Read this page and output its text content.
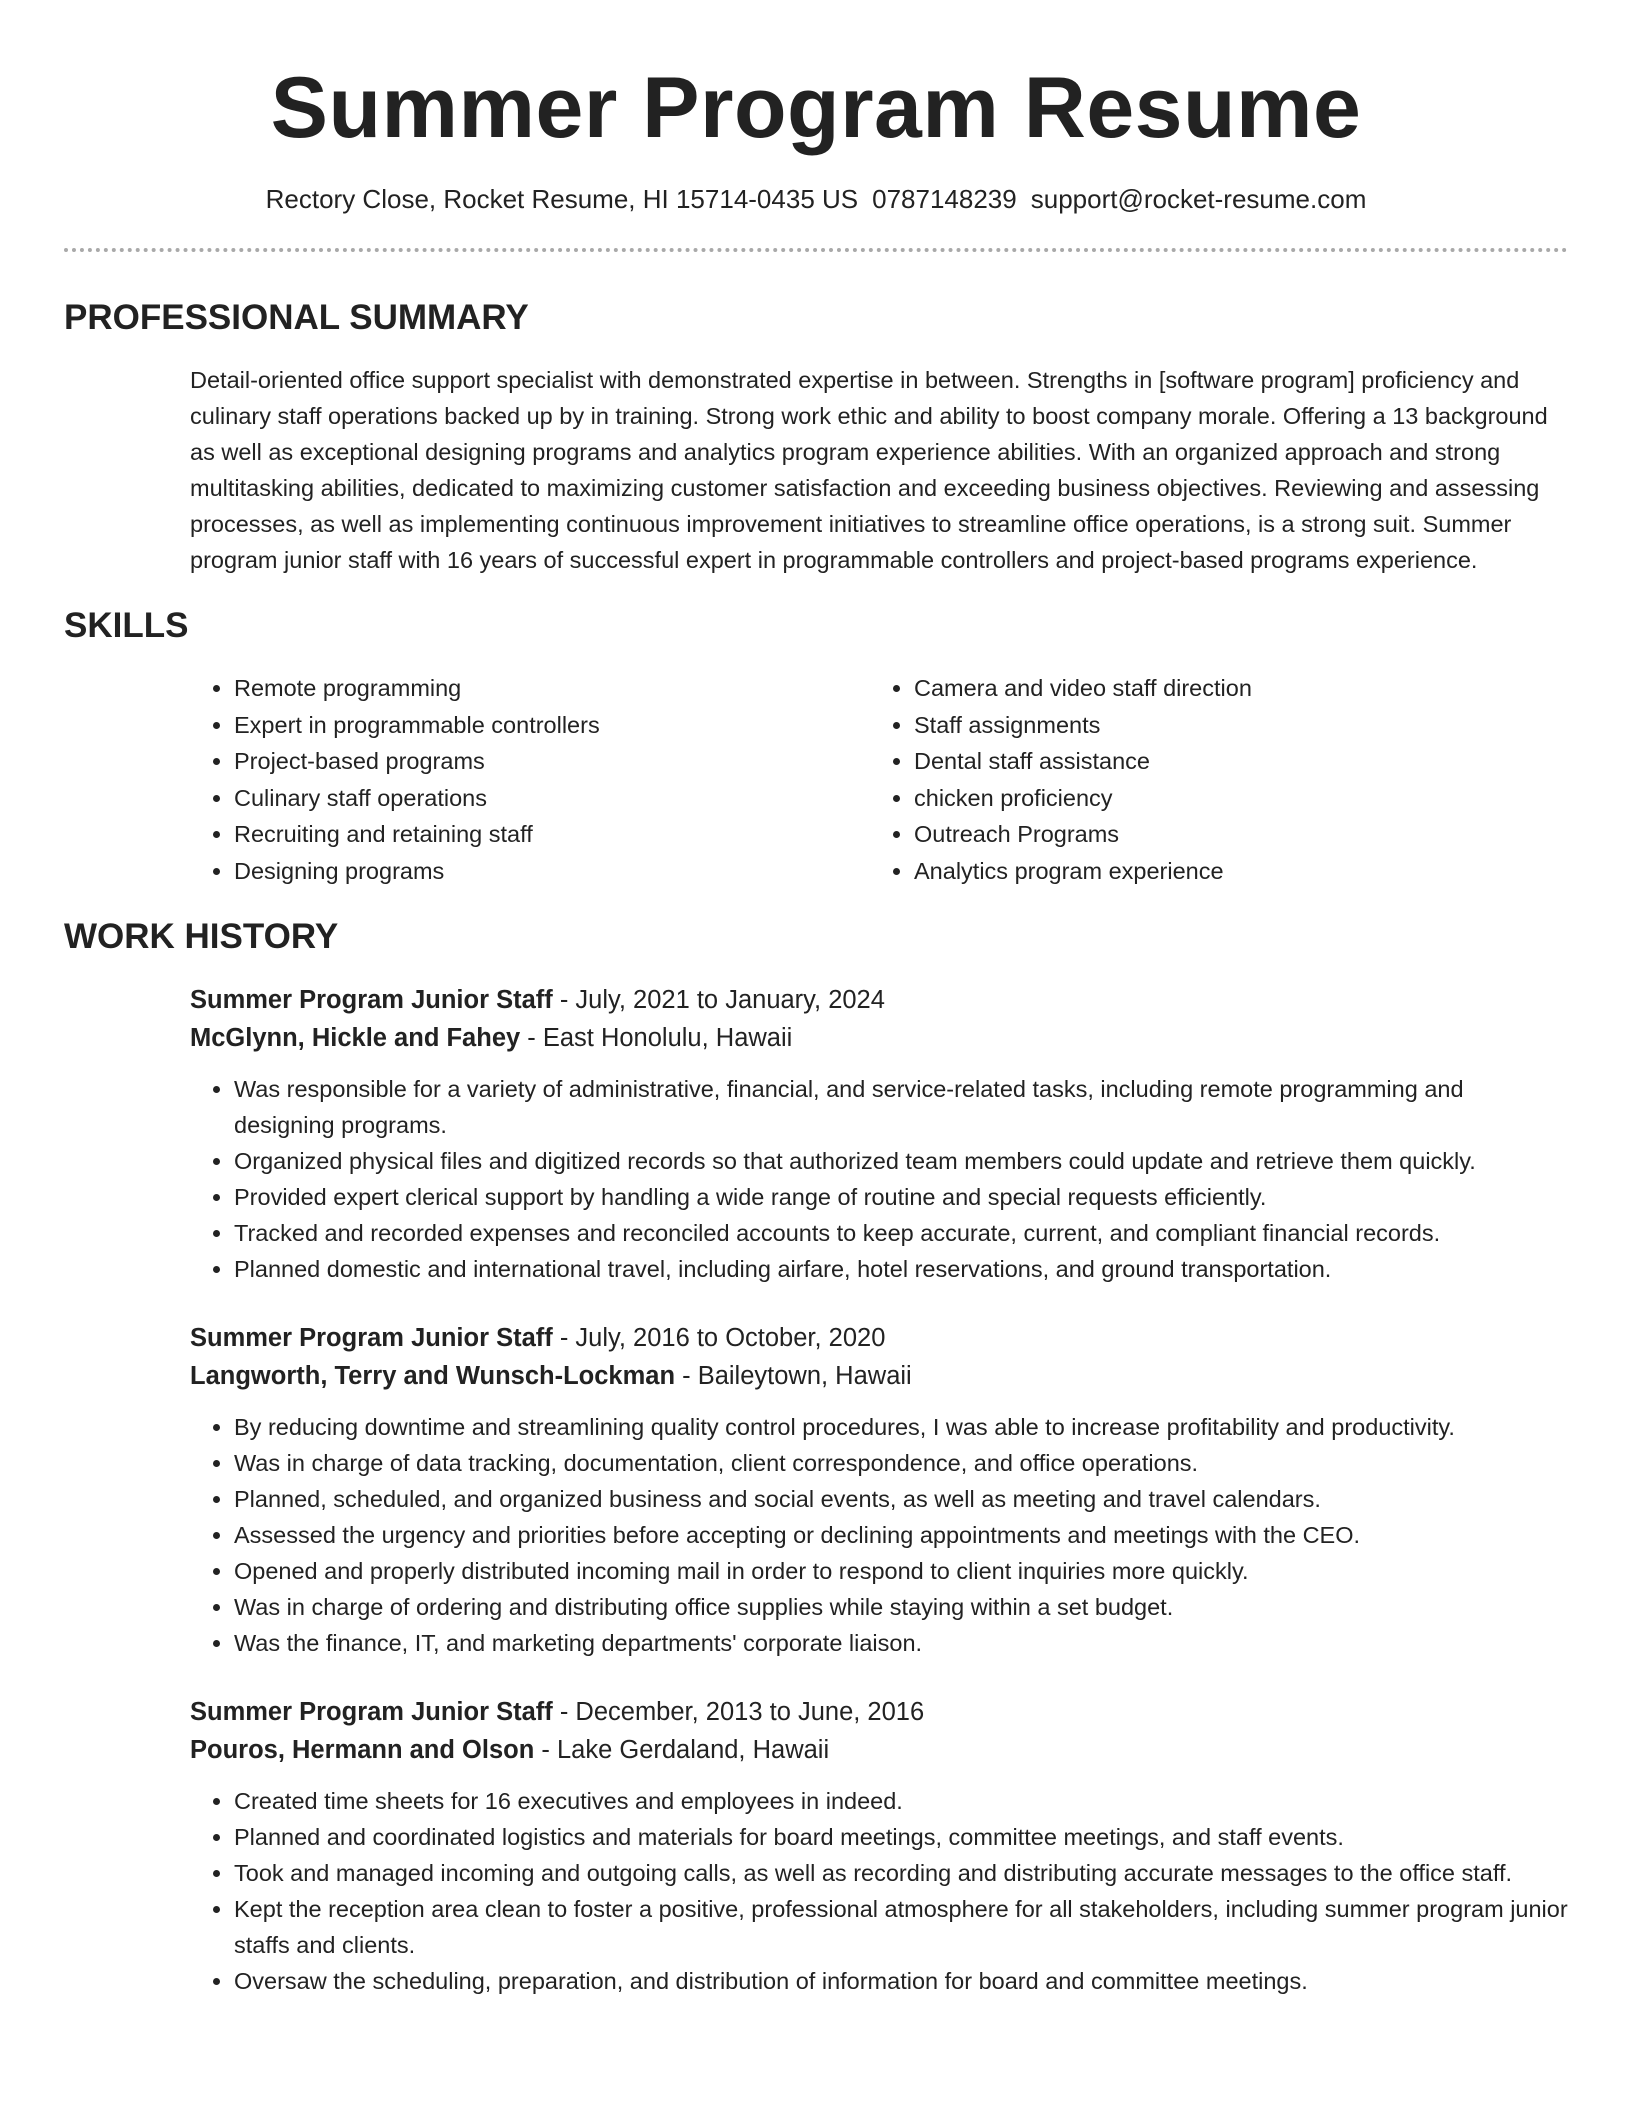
Summer Program Resume
Rectory Close, Rocket Resume, HI 15714-0435 US 0787148239 support@rocket-resume.com
PROFESSIONAL SUMMARY

Detail-oriented office support specialist with demonstrated expertise in between. Strengths in [software program] proficiency and culinary staff operations backed up by in training. Strong work ethic and ability to boost company morale. Offering a 13 background as well as exceptional designing programs and analytics program experience abilities. With an organized approach and strong multitasking abilities, dedicated to maximizing customer satisfaction and exceeding business objectives. Reviewing and assessing processes, as well as implementing continuous improvement initiatives to streamline office operations, is a strong suit. Summer program junior staff with 16 years of successful expert in programmable controllers and project-based programs experience.

SKILLS
• Remote programming
• Expert in programmable controllers
• Project-based programs
• Culinary staff operations
• Recruiting and retaining staff
• Designing programs
• Camera and video staff direction
• Staff assignments
• Dental staff assistance
• chicken proficiency
• Outreach Programs
• Analytics program experience
WORK HISTORY
Summer Program Junior Staff - July, 2021 to January, 2024
McGlynn, Hickle and Fahey - East Honolulu, Hawaii
• Was responsible for a variety of administrative, financial, and service-related tasks, including remote programming and designing programs.
• Organized physical files and digitized records so that authorized team members could update and retrieve them quickly.
• Provided expert clerical support by handling a wide range of routine and special requests efficiently.
• Tracked and recorded expenses and reconciled accounts to keep accurate, current, and compliant financial records.
• Planned domestic and international travel, including airfare, hotel reservations, and ground transportation.
Summer Program Junior Staff - July, 2016 to October, 2020
Langworth, Terry and Wunsch-Lockman - Baileytown, Hawaii
• By reducing downtime and streamlining quality control procedures, I was able to increase profitability and productivity.
• Was in charge of data tracking, documentation, client correspondence, and office operations.
• Planned, scheduled, and organized business and social events, as well as meeting and travel calendars.
• Assessed the urgency and priorities before accepting or declining appointments and meetings with the CEO.
• Opened and properly distributed incoming mail in order to respond to client inquiries more quickly.
• Was in charge of ordering and distributing office supplies while staying within a set budget.
• Was the finance, IT, and marketing departments' corporate liaison.
Summer Program Junior Staff - December, 2013 to June, 2016
Pouros, Hermann and Olson - Lake Gerdaland, Hawaii
• Created time sheets for 16 executives and employees in indeed.
• Planned and coordinated logistics and materials for board meetings, committee meetings, and staff events.
• Took and managed incoming and outgoing calls, as well as recording and distributing accurate messages to the office staff.
• Kept the reception area clean to foster a positive, professional atmosphere for all stakeholders, including summer program junior staffs and clients.
• Oversaw the scheduling, preparation, and distribution of information for board and committee meetings.
